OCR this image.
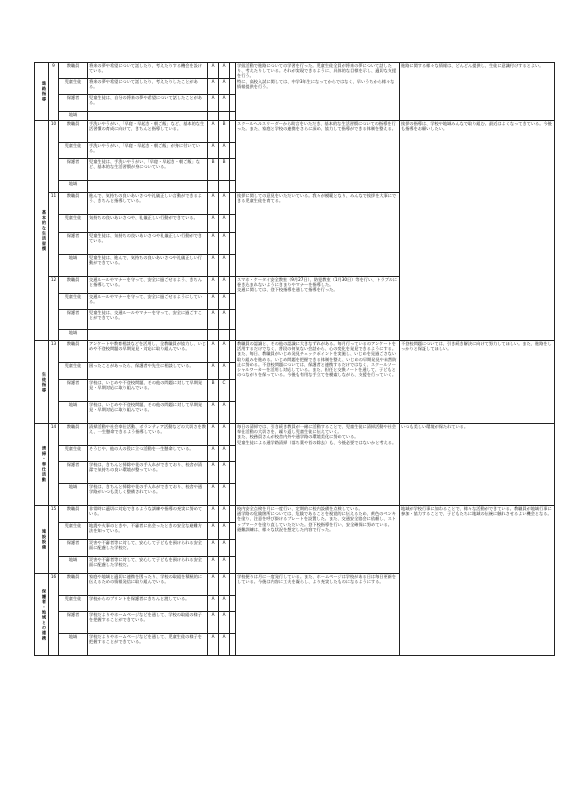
進路指導	9	教職員	将来の夢や希望について話したり、考えたりする機会を設けている。	A	A		学級活動で進路についての学習を行った。児童生徒全員が将来の夢について話したり、考えたりしている。それが実現できるように、具体的な目標を示し、適切な支援を行う。
特に、高校入試に関しては、中学3年生になってからではなく、早いうちから様々な情報提供を行う。	進路に関する様々な情報は、どんどん提供し、生徒に意識付けするとよい。	
		児童生徒	将来の夢や希望について話したり、考えたりしたことがある。	A	A				
		保護者	児童生徒は、自分の将来の夢や希望について話したことがある。	A	A				
		地域							
基本的な生活習慣	10	教職員	手洗いやうがい、「早寝・早起き・朝ご飯」など、基本的な生活習慣の育成に向けて、きちんと指導している。	A	B		スクールヘルスリーダーから助言をいただき、基本的な生活習慣についての指導を行った。また、家庭と学校の連携をさらに深め、協力して指導ができる体制を整える。	挨拶の指導は、学校や地域みんなで取り組む。最近はよくなってきている。今後も指導をお願いしたい。	
		児童生徒	手洗いやうがい、「早寝・早起き・朝ご飯」が身に付いている。	A	A				
		保護者	児童生徒は、手洗いやうがい、「早寝・早起き・朝ご飯」など、基本的な生活習慣が身についている。	B	B				
		地域							
	11	教職員	進んで、気持ちの良いあいさつや礼儀正しい言動ができるよう、きちんと指導している。	A	A		挨拶に関しての意見をいただいている。我々が模範となり、みんなで挨拶を大事にできる児童生徒を育てる。		
		児童生徒	気持ちの良いあいさつや、礼儀正しい行動ができている。	A	A				
		保護者	児童生徒は、気持ちの良いあいさつや礼儀正しい行動ができている。	A	A				
		地域	児童生徒は、進んで、気持ちの良いあいさつや礼儀正しい行動ができている。	A	A				
	12	教職員	交通ルールやマナーを守って、安全に過ごせるよう、きちんと指導している。	A	A		スマホ・ケータイ安全教室（9月27日）、防犯教室（1月30日）等を行い、トラブルに巻き込まれないようにきまりやマナーを指導した。
交通に関しては、登下校指導を通して指導を行った。		
		児童生徒	交通ルールやマナーを守って、安全に過ごせるようにしている。	A	A				
		保護者	児童生徒は、交通ルールやマナーを守って、安全に過ごすことができている。	A	A				
		地域							
生徒指導	13	教職員	アンケートや教育相談などを活用し、全教職員が協力し、いじめや不登校問題の早期発見・対応に取り組んでいる。	A	A		教職員の認識と、その他の認識に大きなずれがある。毎月行っているのアンケートを活用するだけでなく、普段の何気ない会話から、心の変化を発見できるようにする。また、毎日、教職員がいじめ発見チェックポイントを実施し、いじめを見過ごさない取り組みを進める。いじめ問題を把握できる体制を整え、いじめの早期発見や未然防止に努める。不登校問題については、保護者と連携するだけではなく、スクールソーシャルワーカーを活用し対応している。また、担任と交換ノートを通して、子どもとのつながりを保っている。今後も有用な手立てを模索しながら、支援を行っていく。	不登校問題については、引き続き解決に向けて努力してほしい。また、進路をしっかりと保証してほしい。	
		児童生徒	困ったことがあったら、保護者や先生に相談している。	A	A				
		保護者	学校は、いじめや不登校問題、その他の問題に対して早期発見・早期対応に取り組んでいる。	B	C				
		地域	学校は、いじめや不登校問題、その他の問題に対して早期発見・早期対応に取り組んでいる。	A	A				
清掃・奉仕活動	14	教職員	清掃活動や社会奉仕活動、ボランティア活動などの大切さを教え、一生懸命できるよう指導している。	A	A		毎日の清掃では、引き続き教員が一緒に活動することで、児童生徒に清掃活動や社会奉仕活動の大切さを、繰り返し児童生徒に伝えていく。
また、校務員さんが校舎内外や通学路の環境美化に努めている。
児童生徒による通学路清掃（落ち葉や苔の除去）も、今後必要ではないかと考える。	いつも美しい環境が保たれている。	
		児童生徒	そうじや、他の人の役に立つ活動を一生懸命している。	A	A				
		保護者	学校は、きちんと掃除や花の手入れができており、校舎が清潔で気持ちの良い環境が整っている。	A	A				
		地域	学校は、きちんと掃除や花の手入れができており、校舎や通学路がいつも美しく整備されている。	A	A				
施設設備	15	教職員	非常時に適切に対応できるような訓練や指導の充実に努めている。	A	A		校内安全点検を月に一度行い、定期的に校内設備を点検している。
通学路の危険箇所については、危険であることを視覚的に伝えるため、黄色のペンキを塗り、注意を呼び掛けるプレートを設置した。また、交通安全協会に依頼し、ストップマークを塗り直していただいた。登下校指導を行い、安全確保に努めている。
避難訓練は、様々な状況を想定した内容で行った。	地域が学校行事に加わることで、様々な活動ができている。教職員が地域行事に参加・協力することで、子どもたちに地域の伝統に触れさせるよい機会となる。	
		児童生徒	地震や火事のときや、不審者に出会ったときの安全な避難方法を知っている。	A	A				
		保護者	災害や不審者等に対して、安心して子どもを預けられる安全面に配慮した学校だ。	A	A				
		地域	災害や不審者等に対して、安心して子どもを預けられる安全面に配慮した学校だ。	A	A				
保護者・地域との連携	16	教職員	家庭や地域と適切に連携を図ったり、学校の取組を積極的に伝えるための情報発信に取り組んでいる。	A	A		学校便りは月に一度発行している。また、ホームページは学校がある日は毎日更新をしている。今後は内容に工夫を凝らし、より充実したものになるようにする。		
		児童生徒	学校からのプリントを保護者にきちんと渡している。	A	A				
		保護者	学校だよりやホームページなどを通して、学校の取組の様子を把握することができている。	A	A				
		地域	学校だよりやホームページなどを通して、児童生徒の様子を把握することができている。	A	A				
